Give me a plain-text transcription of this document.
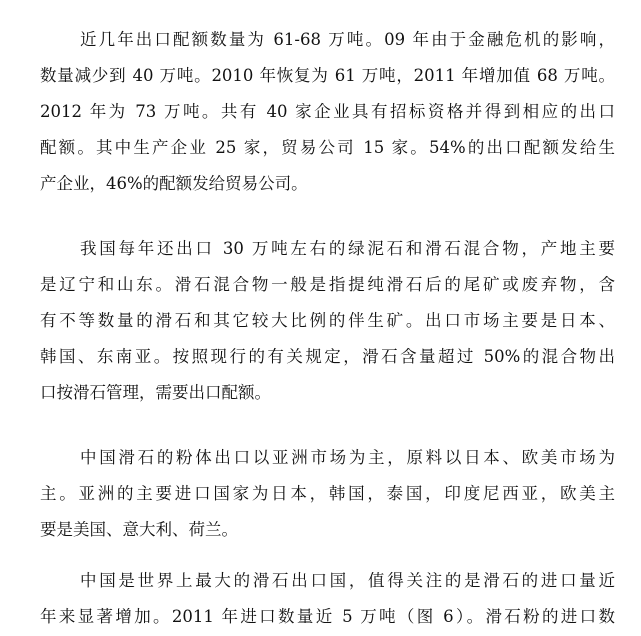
近几年出口配额数量为 61-68 万吨。09 年由于金融危机的影响，
数量减少到 40 万吨。2010 年恢复为 61 万吨，2011 年增加值 68 万吨。
2012 年为 73 万吨。共有 40 家企业具有招标资格并得到相应的出口
配额。其中生产企业 25 家，贸易公司 15 家。54%的出口配额发给生
产企业，46%的配额发给贸易公司。
我国每年还出口 30 万吨左右的绿泥石和滑石混合物，产地主要
是辽宁和山东。滑石混合物一般是指提纯滑石后的尾矿或废弃物，含
有不等数量的滑石和其它较大比例的伴生矿。出口市场主要是日本、
韩国、东南亚。按照现行的有关规定，滑石含量超过 50%的混合物出
口按滑石管理，需要出口配额。
中国滑石的粉体出口以亚洲市场为主，原料以日本、欧美市场为
主。亚洲的主要进口国家为日本，韩国，泰国，印度尼西亚，欧美主
要是美国、意大利、荷兰。
中国是世界上最大的滑石出口国，值得关注的是滑石的进口量近
年来显著增加。2011 年进口数量近 5 万吨（图 6）。滑石粉的进口数
